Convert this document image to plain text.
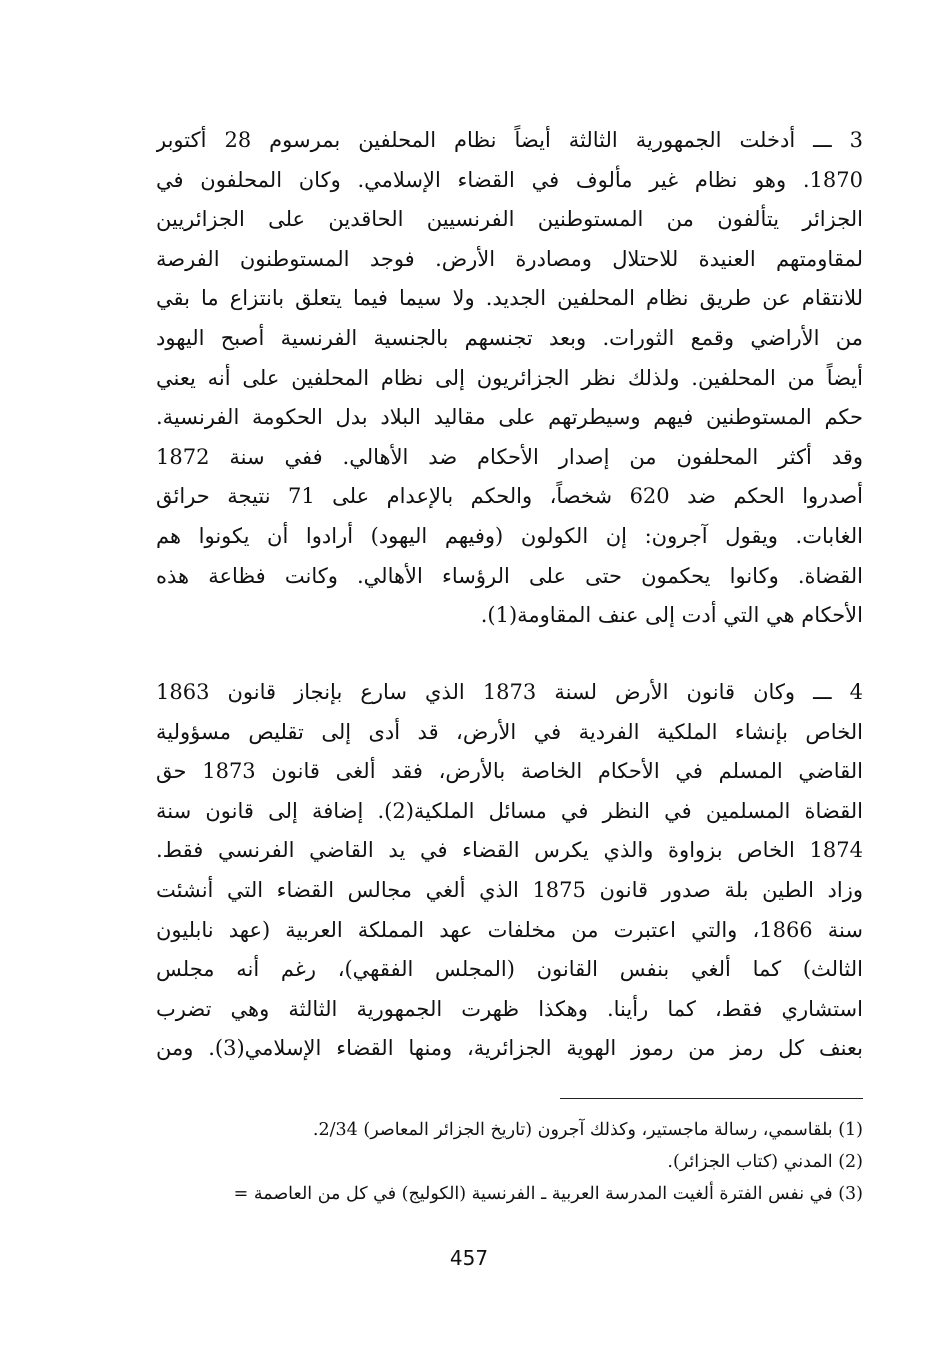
3 ـــ أدخلت الجمهورية الثالثة أيضاً نظام المحلفين بمرسوم 28 أكتوبر
1870. وهو نظام غير مألوف في القضاء الإسلامي. وكان المحلفون في
الجزائر يتألفون من المستوطنين الفرنسيين الحاقدين على الجزائريين
لمقاومتهم العنيدة للاحتلال ومصادرة الأرض. فوجد المستوطنون الفرصة
للانتقام عن طريق نظام المحلفين الجديد. ولا سيما فيما يتعلق بانتزاع ما بقي
من الأراضي وقمع الثورات. وبعد تجنسهم بالجنسية الفرنسية أصبح اليهود
أيضاً من المحلفين. ولذلك نظر الجزائريون إلى نظام المحلفين على أنه يعني
حكم المستوطنين فيهم وسيطرتهم على مقاليد البلاد بدل الحكومة الفرنسية.
وقد أكثر المحلفون من إصدار الأحكام ضد الأهالي. ففي سنة 1872
أصدروا الحكم ضد 620 شخصاً، والحكم بالإعدام على 71 نتيجة حرائق
الغابات. ويقول آجرون: إن الكولون (وفيهم اليهود) أرادوا أن يكونوا هم
القضاة. وكانوا يحكمون حتى على الرؤساء الأهالي. وكانت فظاعة هذه
الأحكام هي التي أدت إلى عنف المقاومة(1).
4 ـــ وكان قانون الأرض لسنة 1873 الذي سارع بإنجاز قانون 1863
الخاص بإنشاء الملكية الفردية في الأرض، قد أدى إلى تقليص مسؤولية
القاضي المسلم في الأحكام الخاصة بالأرض، فقد ألغى قانون 1873 حق
القضاة المسلمين في النظر في مسائل الملكية(2). إضافة إلى قانون سنة
1874 الخاص بزواوة والذي يكرس القضاء في يد القاضي الفرنسي فقط.
وزاد الطين بلة صدور قانون 1875 الذي ألغي مجالس القضاء التي أنشئت
سنة 1866، والتي اعتبرت من مخلفات عهد المملكة العربية (عهد نابليون
الثالث) كما ألغي بنفس القانون (المجلس الفقهي)، رغم أنه مجلس
استشاري فقط، كما رأينا. وهكذا ظهرت الجمهورية الثالثة وهي تضرب
بعنف كل رمز من رموز الهوية الجزائرية، ومنها القضاء الإسلامي(3). ومن
(1) بلقاسمي، رسالة ماجستير، وكذلك آجرون (تاريخ الجزائر المعاصر) 2/34.
(2) المدني (كتاب الجزائر).
(3) في نفس الفترة ألغيت المدرسة العربية ـ الفرنسية (الكوليج) في كل من العاصمة =
457
